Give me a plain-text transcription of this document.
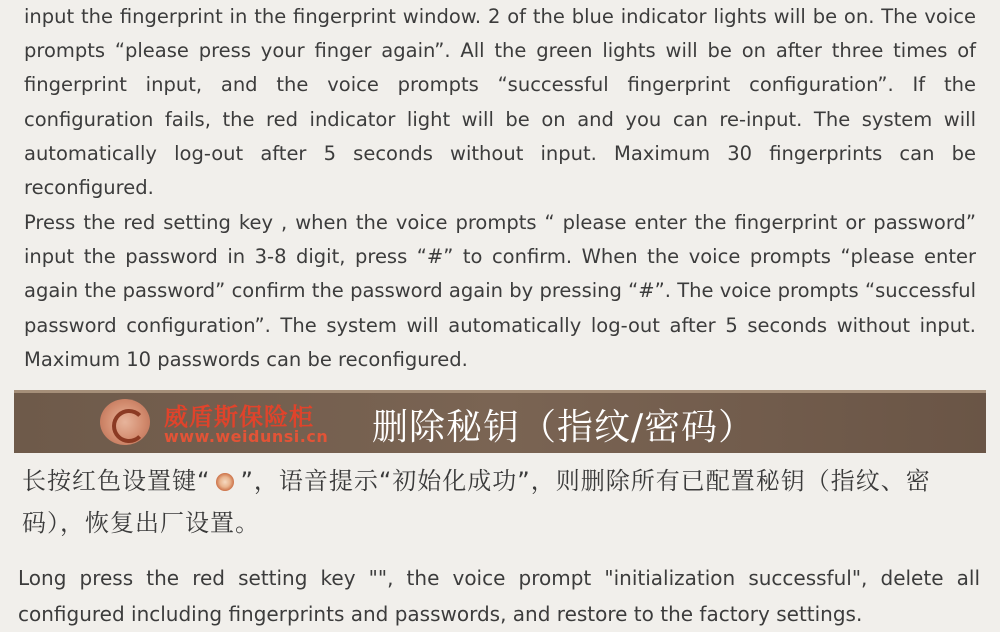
input the fingerprint in the fingerprint window. 2 of the blue indicator lights will be on. The voice prompts “please press your finger again”. All the green lights will be on after three times of fingerprint input, and the voice prompts “successful fingerprint configuration”. If the configuration fails, the red indicator light will be on and you can re-input. The system will automatically log-out after 5 seconds without input. Maximum 30 fingerprints can be reconfigured.

Press the red setting key , when the voice prompts “ please enter the fingerprint or password” input the password in 3-8 digit, press “#” to confirm. When the voice prompts “please enter again the password” confirm the password again by pressing “#”. The voice prompts “successful password configuration”. The system will automatically log-out after 5 seconds without input. Maximum 10 passwords can be reconfigured.

威盾斯保险柜
www.weidunsi.cn 删除秘钥（指纹/密码）

长按红色设置键“ ”，语音提示“初始化成功”，则删除所有已配置秘钥（指纹、密码），恢复出厂设置。

Long press the red setting key "", the voice prompt "initialization successful", delete all configured including fingerprints and passwords, and restore to the factory settings.
